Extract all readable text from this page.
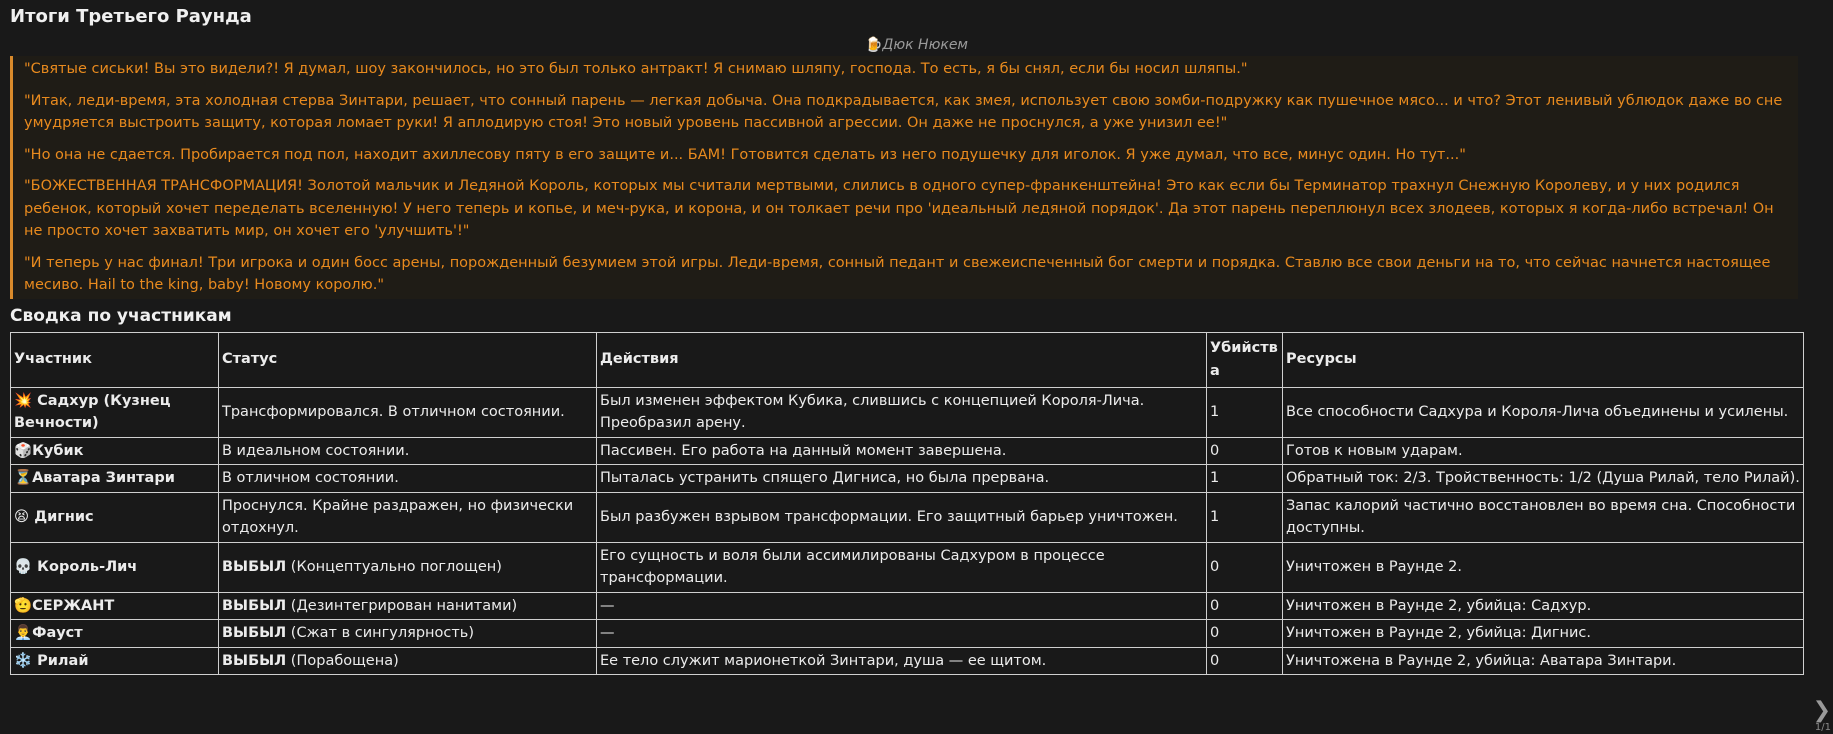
Итоги Третьего Раунда
🍺Дюк Нюкем

"Святые сиськи! Вы это видели?! Я думал, шоу закончилось, но это был только антракт! Я снимаю шляпу, господа. То есть, я бы снял, если бы носил шляпы."

"Итак, леди-время, эта холодная стерва Зинтари, решает, что сонный парень — легкая добыча. Она подкрадывается, как змея, использует свою зомби-подружку как пушечное мясо... и что? Этот ленивый ублюдок даже во сне умудряется выстроить защиту, которая ломает руки! Я аплодирую стоя! Это новый уровень пассивной агрессии. Он даже не проснулся, а уже унизил ее!"

"Но она не сдается. Пробирается под пол, находит ахиллесову пяту в его защите и... БАМ! Готовится сделать из него подушечку для иголок. Я уже думал, что все, минус один. Но тут..."

"БОЖЕСТВЕННАЯ ТРАНСФОРМАЦИЯ! Золотой мальчик и Ледяной Король, которых мы считали мертвыми, слились в одного супер-франкенштейна! Это как если бы Терминатор трахнул Снежную Королеву, и у них родился ребенок, который хочет переделать вселенную! У него теперь и копье, и меч-рука, и корона, и он толкает речи про 'идеальный ледяной порядок'. Да этот парень переплюнул всех злодеев, которых я когда-либо встречал! Он не просто хочет захватить мир, он хочет его 'улучшить'!"

"И теперь у нас финал! Три игрока и один босс арены, порожденный безумием этой игры. Леди-время, сонный педант и свежеиспеченный бог смерти и порядка. Ставлю все свои деньги на то, что сейчас начнется настоящее месиво. Hail to the king, baby! Новому королю."

Сводка по участникам
Участник	Статус	Действия	Убийства	Ресурсы
💥 Садхур (Кузнец Вечности)	Трансформировался. В отличном состоянии.	Был изменен эффектом Кубика, слившись с концепцией Короля-Лича. Преобразил арену.	1	Все способности Садхура и Короля-Лича объединены и усилены.
🎲Кубик	В идеальном состоянии.	Пассивен. Его работа на данный момент завершена.	0	Готов к новым ударам.
⏳Аватара Зинтари	В отличном состоянии.	Пыталась устранить спящего Дигниса, но была прервана.	1	Обратный ток: 2/3. Тройственность: 1/2 (Душа Рилай, тело Рилай).
😫 Дигнис	Проснулся. Крайне раздражен, но физически отдохнул.	Был разбужен взрывом трансформации. Его защитный барьер уничтожен.	1	Запас калорий частично восстановлен во время сна. Способности доступны.
💀 Король-Лич	ВЫБЫЛ (Концептуально поглощен)	Его сущность и воля были ассимилированы Садхуром в процессе трансформации.	0	Уничтожен в Раунде 2.
🫡СЕРЖАНТ	ВЫБЫЛ (Дезинтегрирован нанитами)	—	0	Уничтожен в Раунде 2, убийца: Садхур.
👨‍💼Фауст	ВЫБЫЛ (Сжат в сингулярность)	—	0	Уничтожен в Раунде 2, убийца: Дигнис.
❄️ Рилай	ВЫБЫЛ (Порабощена)	Ее тело служит марионеткой Зинтари, душа — ее щитом.	0	Уничтожена в Раунде 2, убийца: Аватара Зинтари.
❯
1/1
